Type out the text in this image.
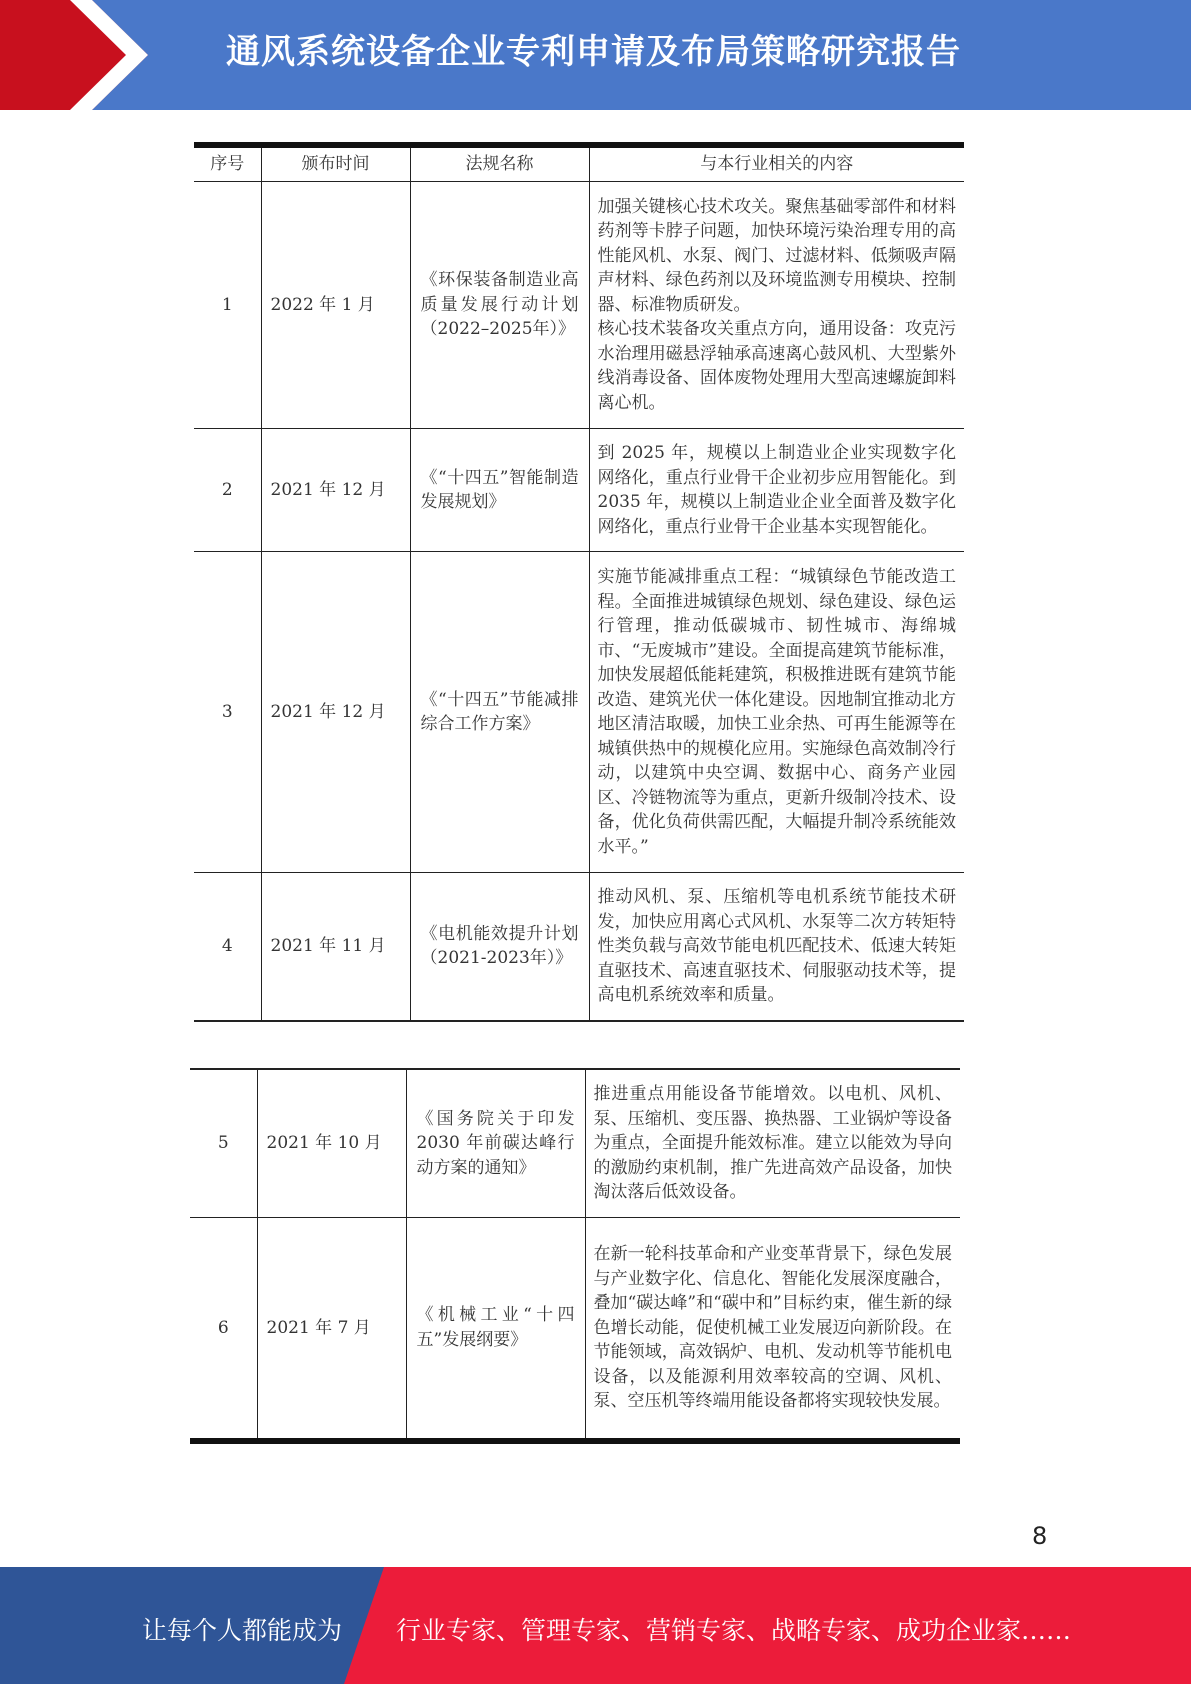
通风系统设备企业专利申请及布局策略研究报告
序号	颁布时间	法规名称	与本行业相关的内容
1	2022 年 1 月	《环保装备制造业高质量发展行动计划（2022–2025年）》	加强关键核心技术攻关。聚焦基础零部件和材料药剂等卡脖子问题，加快环境污染治理专用的高性能风机、水泵、阀门、过滤材料、低频吸声隔声材料、绿色药剂以及环境监测专用模块、控制器、标准物质研发。
核心技术装备攻关重点方向，通用设备：攻克污水治理用磁悬浮轴承高速离心鼓风机、大型紫外线消毒设备、固体废物处理用大型高速螺旋卸料离心机。

2	2021 年 12 月	《“十四五”智能制造发展规划》	到 2025 年，规模以上制造业企业实现数字化网络化，重点行业骨干企业初步应用智能化。到 2035 年，规模以上制造业企业全面普及数字化网络化，重点行业骨干企业基本实现智能化。

3	2021 年 12 月	《“十四五”节能减排综合工作方案》	实施节能减排重点工程：“城镇绿色节能改造工程。全面推进城镇绿色规划、绿色建设、绿色运行管理，推动低碳城市、韧性城市、海绵城市、“无废城市”建设。全面提高建筑节能标准，加快发展超低能耗建筑，积极推进既有建筑节能改造、建筑光伏一体化建设。因地制宜推动北方地区清洁取暖，加快工业余热、可再生能源等在城镇供热中的规模化应用。实施绿色高效制冷行动，以建筑中央空调、数据中心、商务产业园区、冷链物流等为重点，更新升级制冷技术、设备，优化负荷供需匹配，大幅提升制冷系统能效水平。”

4	2021 年 11 月	《电机能效提升计划（2021-2023年）》	推动风机、泵、压缩机等电机系统节能技术研发，加快应用离心式风机、水泵等二次方转矩特性类负载与高效节能电机匹配技术、低速大转矩直驱技术、高速直驱技术、伺服驱动技术等，提高电机系统效率和质量。
5	2021 年 10 月	《国务院关于印发2030 年前碳达峰行动方案的通知》	推进重点用能设备节能增效。以电机、风机、泵、压缩机、变压器、换热器、工业锅炉等设备为重点，全面提升能效标准。建立以能效为导向的激励约束机制，推广先进高效产品设备，加快淘汰落后低效设备。

6	2021 年 7 月	《机械工业“十四五”发展纲要》	在新一轮科技革命和产业变革背景下，绿色发展与产业数字化、信息化、智能化发展深度融合，叠加“碳达峰”和“碳中和”目标约束，催生新的绿色增长动能，促使机械工业发展迈向新阶段。在节能领域，高效锅炉、电机、发动机等节能机电设备，以及能源利用效率较高的空调、风机、泵、空压机等终端用能设备都将实现较快发展。
8
让每个人都能成为 行业专家、管理专家、营销专家、战略专家、成功企业家……
